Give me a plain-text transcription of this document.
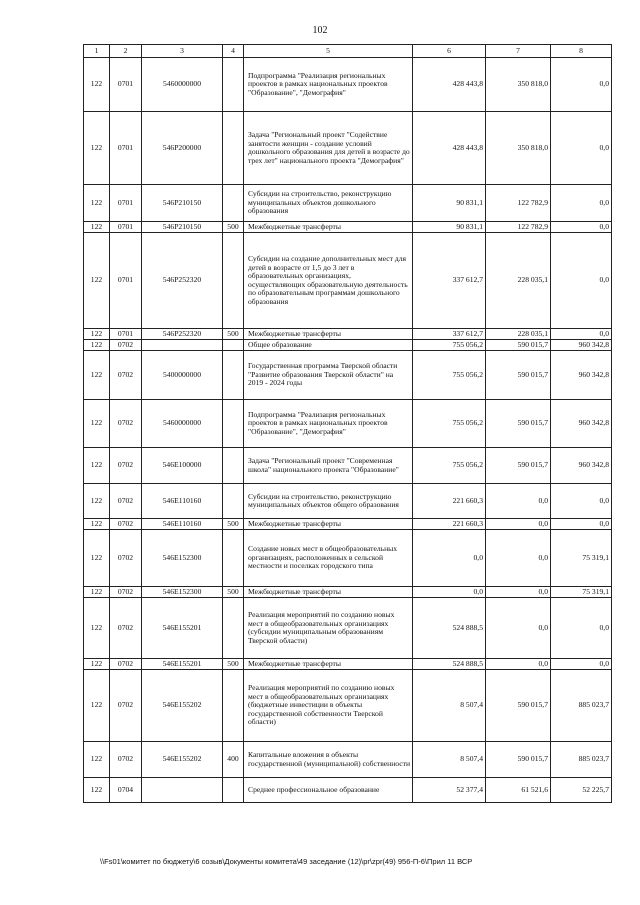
102
1	2	3	4	5	6	7	8
122	0701	5460000000		Подпрограмма "Реализация региональных проектов в рамках национальных проектов "Образование", "Демография"	428 443,8	350 818,0	0,0
122	0701	546P200000		Задача "Региональный проект "Содействие занятости женщин - создание условий дошкольного образования для детей в возрасте до трех лет" национального проекта "Демография"	428 443,8	350 818,0	0,0
122	0701	546P210150		Субсидии на строительство, реконструкцию муниципальных объектов дошкольного образования	90 831,1	122 782,9	0,0
122	0701	546P210150	500	Межбюджетные трансферты	90 831,1	122 782,9	0,0
122	0701	546P252320		Субсидии на создание дополнительных мест для детей в возрасте от 1,5 до 3 лет в образовательных организациях, осуществляющих образовательную деятельность по образовательным программам дошкольного образования	337 612,7	228 035,1	0,0
122	0701	546P252320	500	Межбюджетные трансферты	337 612,7	228 035,1	0,0
122	0702			Общее образование	755 056,2	590 015,7	960 342,8
122	0702	5400000000		Государственная программа Тверской области "Развитие образования Тверской области" на 2019 - 2024 годы	755 056,2	590 015,7	960 342,8
122	0702	5460000000		Подпрограмма "Реализация региональных проектов в рамках национальных проектов "Образование", "Демография"	755 056,2	590 015,7	960 342,8
122	0702	546E100000		Задача "Региональный проект "Современная школа" национального проекта "Образование"	755 056,2	590 015,7	960 342,8
122	0702	546E110160		Субсидии на строительство, реконструкцию муниципальных объектов общего образования	221 660,3	0,0	0,0
122	0702	546E110160	500	Межбюджетные трансферты	221 660,3	0,0	0,0
122	0702	546E152300		Создание новых мест в общеобразовательных организациях, расположенных в сельской местности и поселках городского типа	0,0	0,0	75 319,1
122	0702	546E152300	500	Межбюджетные трансферты	0,0	0,0	75 319,1
122	0702	546E155201		Реализация мероприятий по созданию новых мест в общеобразовательных организациях (субсидии муниципальным образованиям Тверской области)	524 888,5	0,0	0,0
122	0702	546E155201	500	Межбюджетные трансферты	524 888,5	0,0	0,0
122	0702	546E155202		Реализация мероприятий по созданию новых мест в общеобразовательных организациях (бюджетные инвестиции в объекты государственной собственности Тверской области)	8 507,4	590 015,7	885 023,7
122	0702	546E155202	400	Капитальные вложения в объекты государственной (муниципальной) собственности	8 507,4	590 015,7	885 023,7
122	0704			Среднее профессиональное образование	52 377,4	61 521,6	52 225,7
\\Fs01\комитет по бюджету\6 созыв\Документы комитета\49 заседание (12)\pr\zpr(49) 956-П-6\Прил 11 ВСР
